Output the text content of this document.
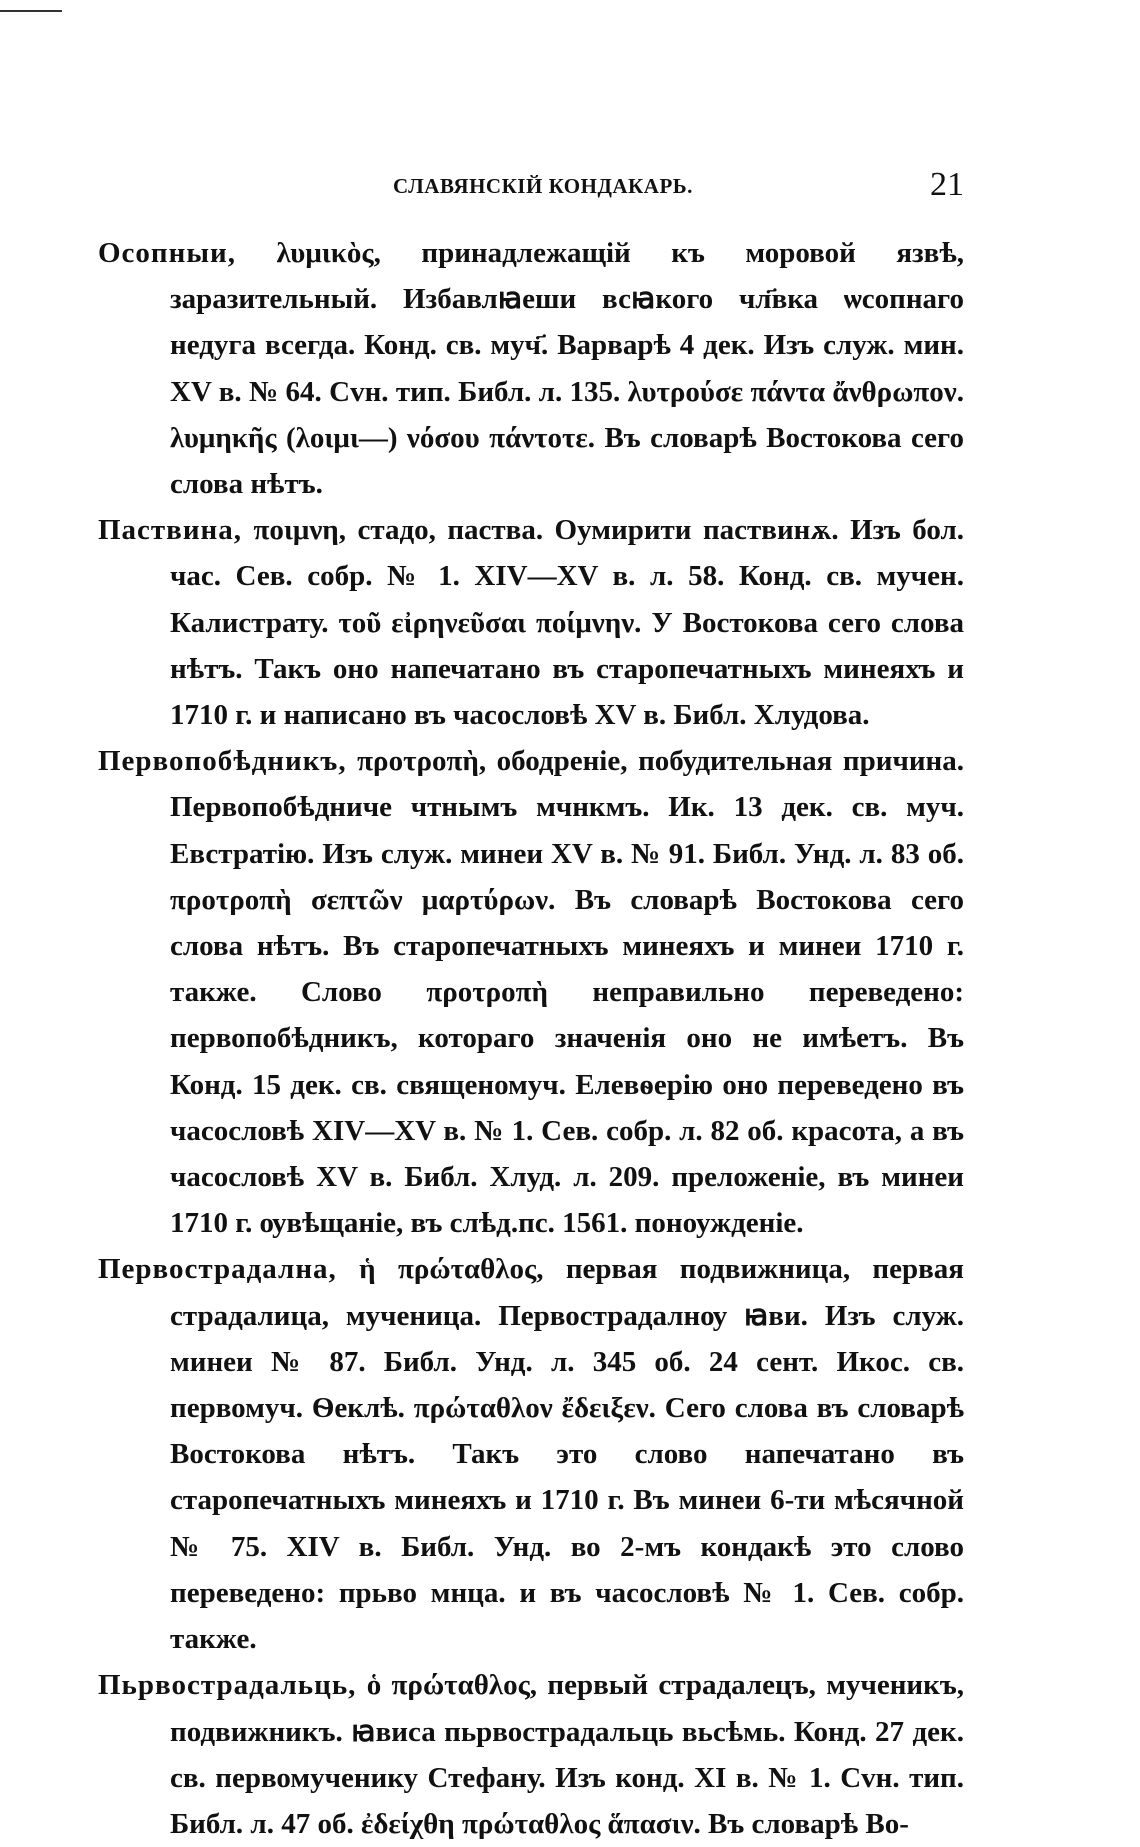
СЛАВЯНСКІЙ КОНДАКАРЬ.	21

Осопныи, λυμικὸς, принадлежащій къ моровой язвѣ, заразительный. Избавлꙗеши всꙗкого чл҃вка ѡсопнаго недуга всегда. Конд. св. муч҃. Варварѣ 4 дек. Изъ служ. мин. XV в. № 64. Сvн. тип. Библ. л. 135. λυτρούσε πάντα ἄνθρωπον. λυμηκῆς (λοιμι—) νόσου πάντοτε. Въ словарѣ Востокова сего слова нѣтъ.

Паствина, ποιμνη, стадо, паства. Оумирити паствинѫ. Изъ бол. час. Сев. собр. № 1. XIV—XV в. л. 58. Конд. св. мучен. Калистрату. τοῦ εἰρηνεῦσαι ποίμνην. У Востокова сего слова нѣтъ. Такъ оно напечатано въ старопечатныхъ минеяхъ и 1710 г. и написано въ часословѣ XV в. Библ. Хлудова.

Первопобѣдникъ, προτροπὴ, ободреніе, побудительная причина. Первопобѣдниче чтнымъ мчнкмъ. Ик. 13 дек. св. муч. Евстратію. Изъ служ. минеи XV в. № 91. Библ. Унд. л. 83 об. προτροπὴ σεπτῶν μαρτύρων. Въ словарѣ Востокова сего слова нѣтъ. Въ старопечатныхъ минеяхъ и минеи 1710 г. также. Слово προτροπὴ неправильно переведено: первопобѣдникъ, котораго значенія оно не имѣетъ. Въ Конд. 15 дек. св. священомуч. Елевѳерію оно переведено въ часословѣ XIV—XV в. № 1. Сев. собр. л. 82 об. красота, а въ часословѣ XV в. Библ. Хлуд. л. 209. преложеніе, въ минеи 1710 г. ѹвѣщаніе, въ слѣд.пс. 1561. поноужденіе.

Первострадална, ἡ πρώταθλος, первая подвижница, первая страдалица, мученица. Первострадалнѹ ꙗви. Изъ служ. минеи № 87. Библ. Унд. л. 345 об. 24 сент. Икос. св. первомуч. Ѳеклѣ. πρώταθλον ἔδειξεν. Сего слова въ словарѣ Востокова нѣтъ. Такъ это слово напечатано въ старопечатныхъ минеяхъ и 1710 г. Въ минеи 6-ти мѣсячной № 75. XIV в. Библ. Унд. во 2-мъ кондакѣ это слово переведено: прьво мнца. и въ часословѣ № 1. Сев. собр. также.

Пьрвострадальць, ὁ πρώταθλος, первый страдалецъ, мученикъ, подвижникъ. ꙗвиса пьрвострадальць вьсѣмь. Конд. 27 дек. св. первомученику Стефану. Изъ конд. XI в. № 1. Сvн. тип. Библ. л. 47 об. ἐδείχθη πρώταθλος ἅπασιν. Въ словарѣ Во-
